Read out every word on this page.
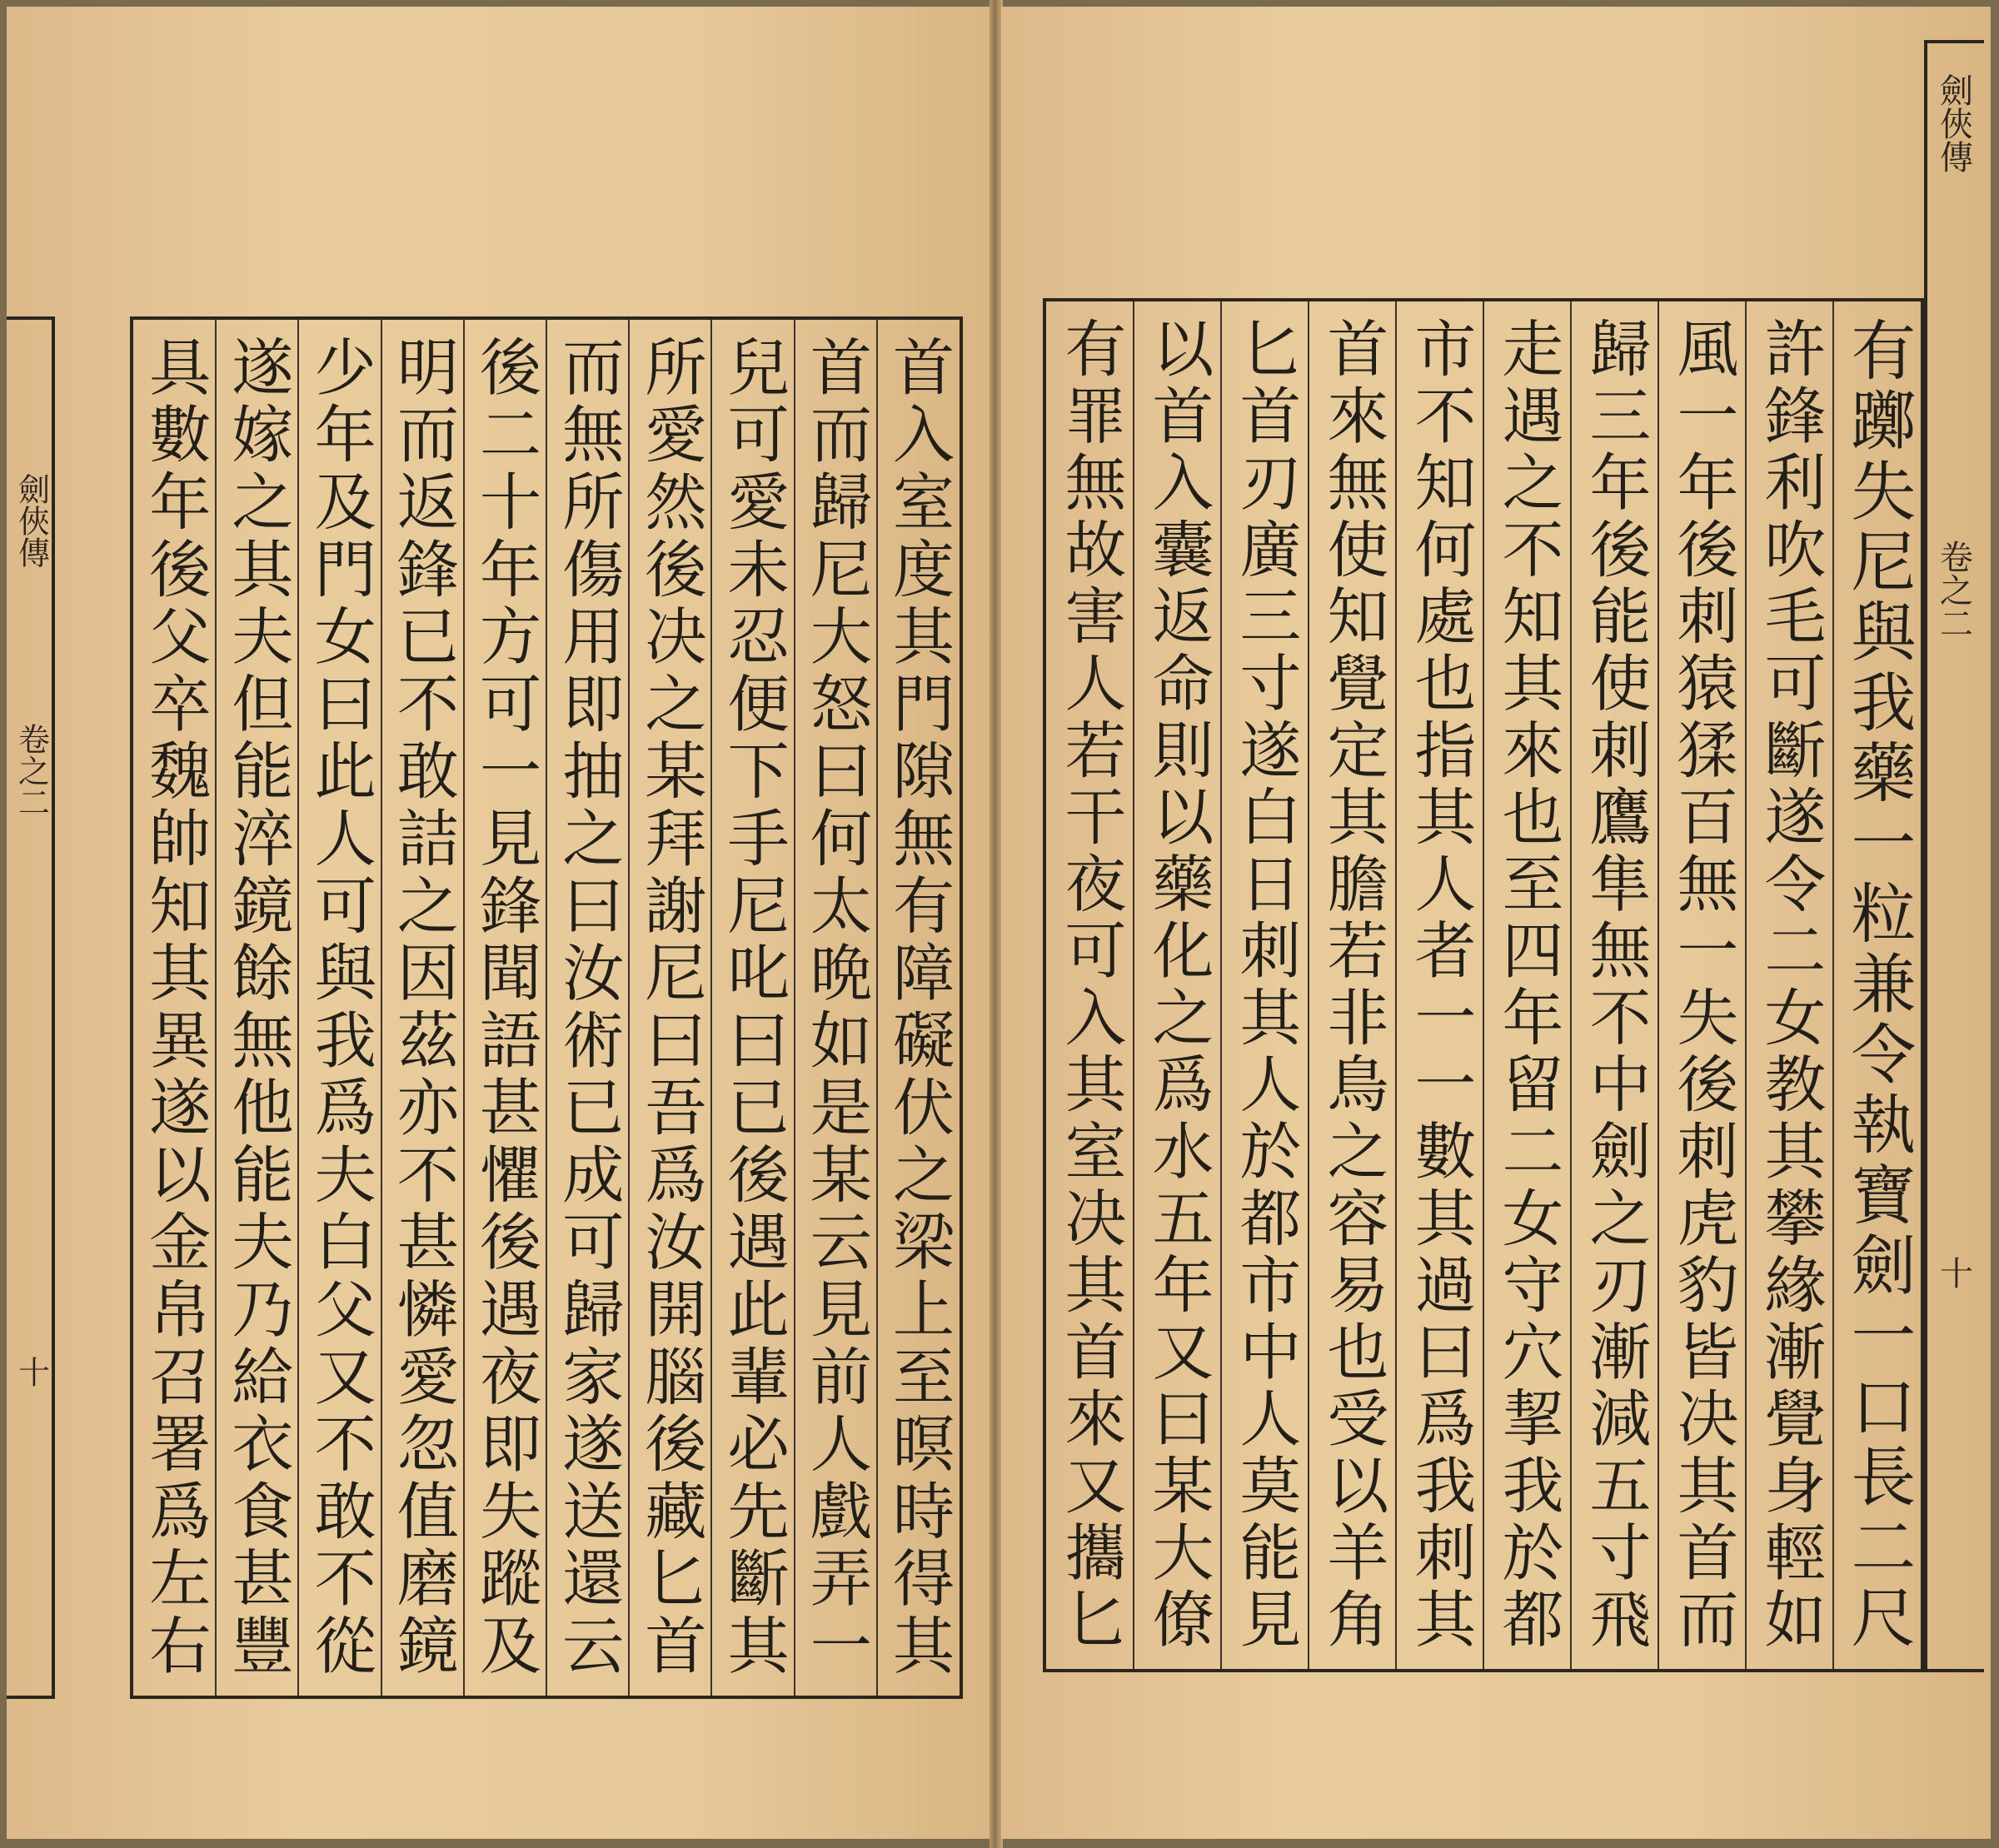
首入室度其門隙無有障礙伏之梁上至暝時得其
首而歸尼大怒曰何太晩如是某云見前人戲弄一
兒可愛未忍便下手尼叱曰已後遇此輩必先斷其
所愛然後决之某拜謝尼曰吾爲汝開腦後藏匕首
而無所傷用即抽之曰汝術已成可歸家遂送還云
後二十年方可一見鋒聞語甚懼後遇夜即失蹤及
明而返鋒已不敢詰之因茲亦不甚憐愛忽值磨鏡
少年及門女曰此人可與我爲夫白父又不敢不從
遂嫁之其夫但能淬鏡餘無他能夫乃給衣食甚豐
具數年後父卒魏帥知其異遂以金帛召署爲左右
劍俠傳
卷之二
十	有躑失尼與我藥一粒兼令執寶劍一口長二尺
許鋒利吹毛可斷遂令二女教其攀緣漸覺身輕如
風一年後刺猿猱百無一失後刺虎豹皆决其首而
歸三年後能使刺鷹隼無不中劍之刃漸減五寸飛
走遇之不知其來也至四年留二女守穴挈我於都
市不知何處也指其人者一一數其過曰爲我刺其
首來無使知覺定其膽若非鳥之容易也受以羊角
匕首刃廣三寸遂白日刺其人於都市中人莫能見
以首入囊返命則以藥化之爲水五年又曰某大僚
有罪無故害人若干夜可入其室决其首來又攜匕
劍俠傳
卷之二
十
